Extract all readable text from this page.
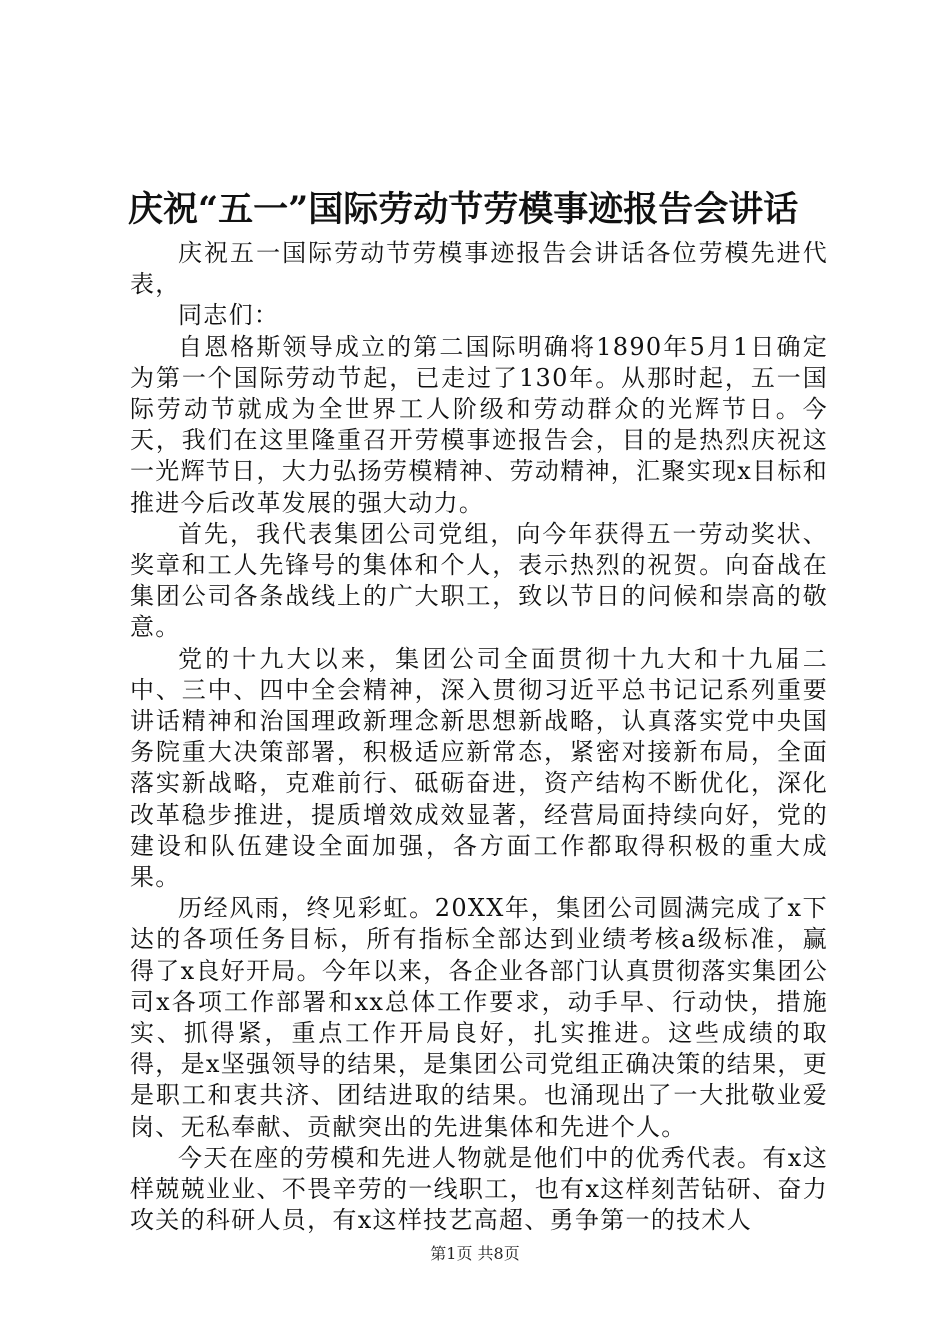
庆祝“五一”国际劳动节劳模事迹报告会讲话

庆祝五一国际劳动节劳模事迹报告会讲话各位劳模先进代表，

同志们：

自恩格斯领导成立的第二国际明确将1890年5月1日确定为第一个国际劳动节起，已走过了130年。从那时起，五一国际劳动节就成为全世界工人阶级和劳动群众的光辉节日。今天，我们在这里隆重召开劳模事迹报告会，目的是热烈庆祝这一光辉节日，大力弘扬劳模精神、劳动精神，汇聚实现x目标和推进今后改革发展的强大动力。

首先，我代表集团公司党组，向今年获得五一劳动奖状、奖章和工人先锋号的集体和个人，表示热烈的祝贺。向奋战在集团公司各条战线上的广大职工，致以节日的问候和崇高的敬意。

党的十九大以来，集团公司全面贯彻十九大和十九届二中、三中、四中全会精神，深入贯彻习近平总书记记系列重要讲话精神和治国理政新理念新思想新战略，认真落实党中央国务院重大决策部署，积极适应新常态，紧密对接新布局，全面落实新战略，克难前行、砥砺奋进，资产结构不断优化，深化改革稳步推进，提质增效成效显著，经营局面持续向好，党的建设和队伍建设全面加强，各方面工作都取得积极的重大成果。

历经风雨，终见彩虹。20XX年，集团公司圆满完成了x下达的各项任务目标，所有指标全部达到业绩考核a级标准，赢得了x良好开局。今年以来，各企业各部门认真贯彻落实集团公司x各项工作部署和xx总体工作要求，动手早、行动快，措施实、抓得紧，重点工作开局良好，扎实推进。这些成绩的取得，是x坚强领导的结果，是集团公司党组正确决策的结果，更是职工和衷共济、团结进取的结果。也涌现出了一大批敬业爱岗、无私奉献、贡献突出的先进集体和先进个人。

今天在座的劳模和先进人物就是他们中的优秀代表。有x这样兢兢业业、不畏辛劳的一线职工，也有x这样刻苦钻研、奋力攻关的科研人员，有x这样技艺高超、勇争第一的技术人

第1页 共8页
